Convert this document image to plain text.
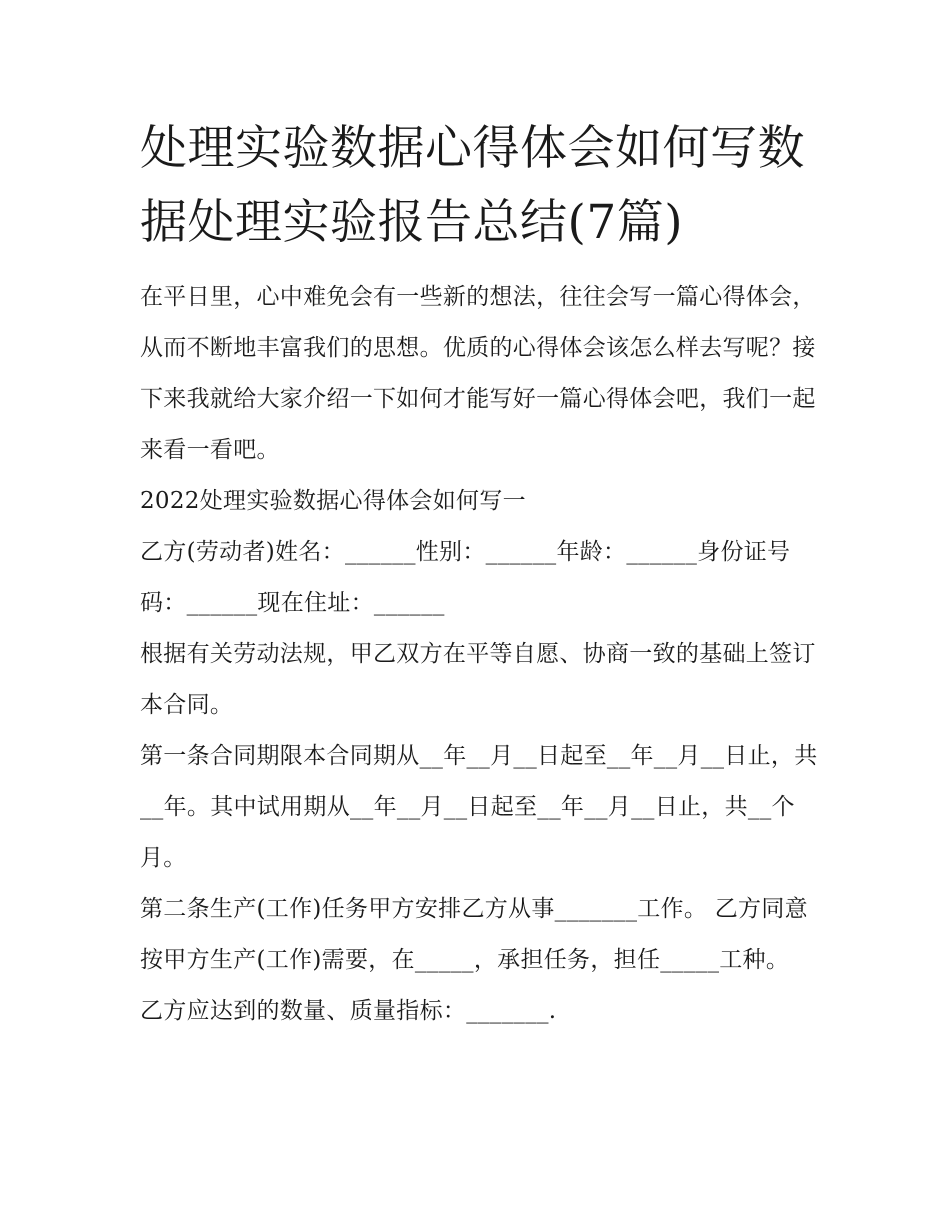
处理实验数据心得体会如何写数据处理实验报告总结(7篇)

在平日里，心中难免会有一些新的想法，往往会写一篇心得体会，从而不断地丰富我们的思想。优质的心得体会该怎么样去写呢？接下来我就给大家介绍一下如何才能写好一篇心得体会吧，我们一起来看一看吧。

2022处理实验数据心得体会如何写一

乙方(劳动者)姓名：______性别：______年龄：______身份证号码：______现在住址：______

根据有关劳动法规，甲乙双方在平等自愿、协商一致的基础上签订本合同。

第一条合同期限本合同期从__年__月__日起至__年__月__日止，共__年。其中试用期从__年__月__日起至__年__月__日止，共__个月。

第二条生产(工作)任务甲方安排乙方从事_______工作。 乙方同意按甲方生产(工作)需要，在_____，承担任务，担任_____工种。

乙方应达到的数量、质量指标：_______.
